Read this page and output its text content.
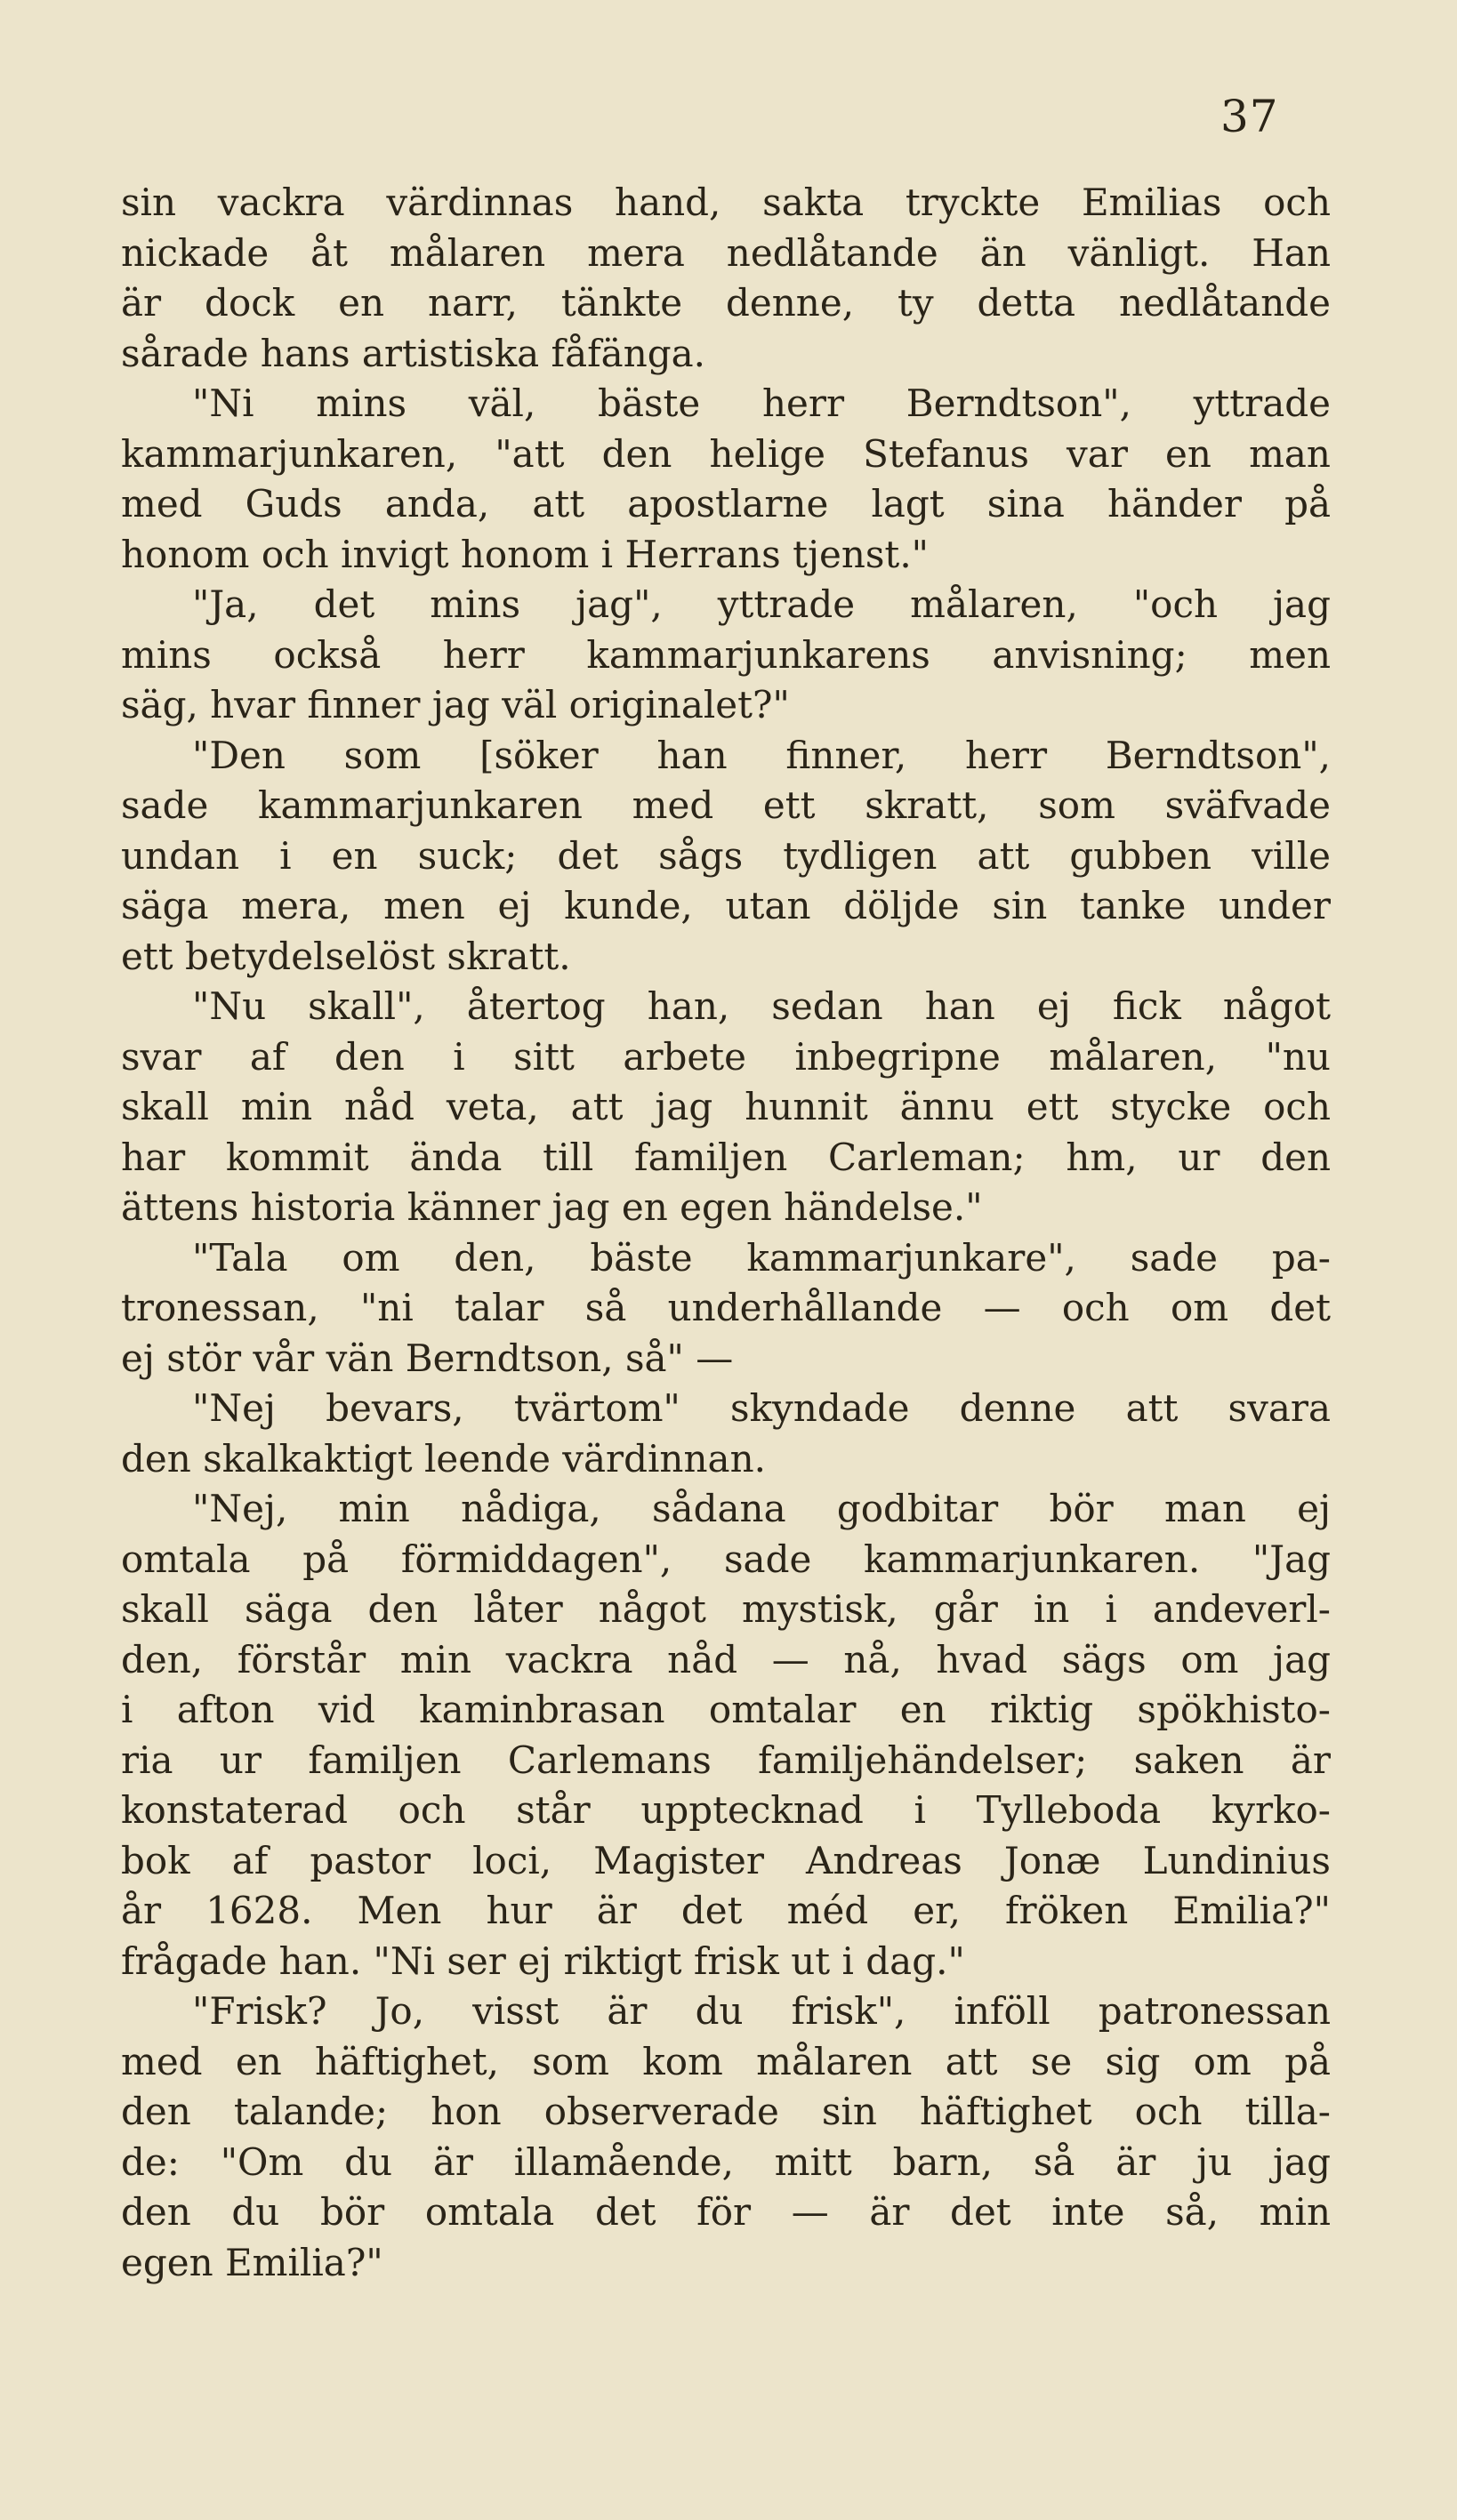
37
sin vackra värdinnas hand, sakta tryckte Emilias och
nickade åt målaren mera nedlåtande än vänligt. Han
är dock en narr, tänkte denne, ty detta nedlåtande
sårade hans artistiska fåfänga.
"Ni mins väl, bäste herr Berndtson", yttrade
kammarjunkaren, "att den helige Stefanus var en man
med Guds anda, att apostlarne lagt sina händer på
honom och invigt honom i Herrans tjenst."
"Ja, det mins jag", yttrade målaren, "och jag
mins också herr kammarjunkarens anvisning; men
säg, hvar finner jag väl originalet?"
"Den som [söker han finner, herr Berndtson",
sade kammarjunkaren med ett skratt, som sväfvade
undan i en suck; det sågs tydligen att gubben ville
säga mera, men ej kunde, utan döljde sin tanke under
ett betydelselöst skratt.
"Nu skall", återtog han, sedan han ej fick något
svar af den i sitt arbete inbegripne målaren, "nu
skall min nåd veta, att jag hunnit ännu ett stycke och
har kommit ända till familjen Carleman; hm, ur den
ättens historia känner jag en egen händelse."
"Tala om den, bäste kammarjunkare", sade pa-
tronessan, "ni talar så underhållande — och om det
ej stör vår vän Berndtson, så" —
"Nej bevars, tvärtom" skyndade denne att svara
den skalkaktigt leende värdinnan.
"Nej, min nådiga, sådana godbitar bör man ej
omtala på förmiddagen", sade kammarjunkaren. "Jag
skall säga den låter något mystisk, går in i andeverl-
den, förstår min vackra nåd — nå, hvad sägs om jag
i afton vid kaminbrasan omtalar en riktig spökhisto-
ria ur familjen Carlemans familjehändelser; saken är
konstaterad och står upptecknad i Tylleboda kyrko-
bok af pastor loci, Magister Andreas Jonæ Lundinius
år 1628. Men hur är det méd er, fröken Emilia?"
frågade han. "Ni ser ej riktigt frisk ut i dag."
"Frisk? Jo, visst är du frisk", inföll patronessan
med en häftighet, som kom målaren att se sig om på
den talande; hon observerade sin häftighet och tilla-
de: "Om du är illamående, mitt barn, så är ju jag
den du bör omtala det för — är det inte så, min
egen Emilia?"
